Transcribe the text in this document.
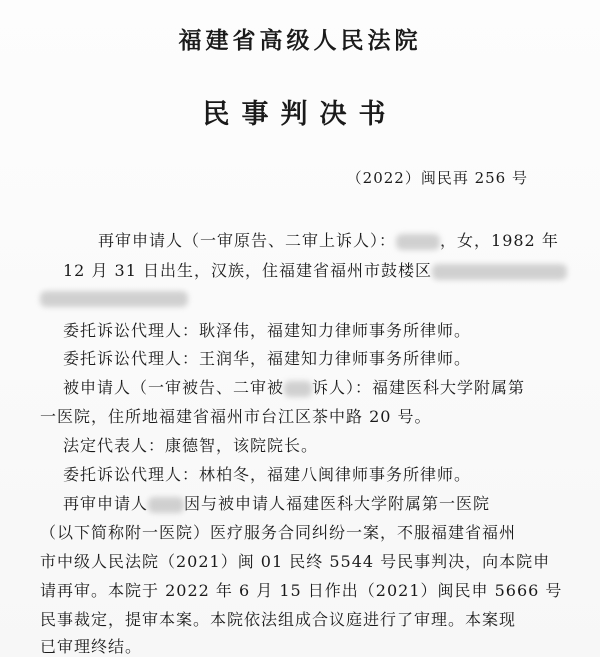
福建省高级人民法院
民事判决书
（2022）闽民再 256 号
再审申请人（一审原告、二审上诉人）：	，女，1982 年
12 月 31 日出生，汉族，住福建省福州市鼓楼区
委托诉讼代理人：耿泽伟，福建知力律师事务所律师。
委托诉讼代理人：王润华，福建知力律师事务所律师。
被申请人（一审被告、二审被 诉人）：福建医科大学附属第
一医院，住所地福建省福州市台江区茶中路 20 号。
法定代表人：康德智，该院院长。
委托诉讼代理人：林柏冬，福建八闽律师事务所律师。
再审申请人 因与被申请人福建医科大学附属第一医院
（以下简称附一医院）医疗服务合同纠纷一案，不服福建省福州
市中级人民法院（2021）闽 01 民终 5544 号民事判决，向本院申
请再审。本院于 2022 年 6 月 15 日作出（2021）闽民申 5666 号
民事裁定，提审本案。本院依法组成合议庭进行了审理。本案现
已审理终结。
